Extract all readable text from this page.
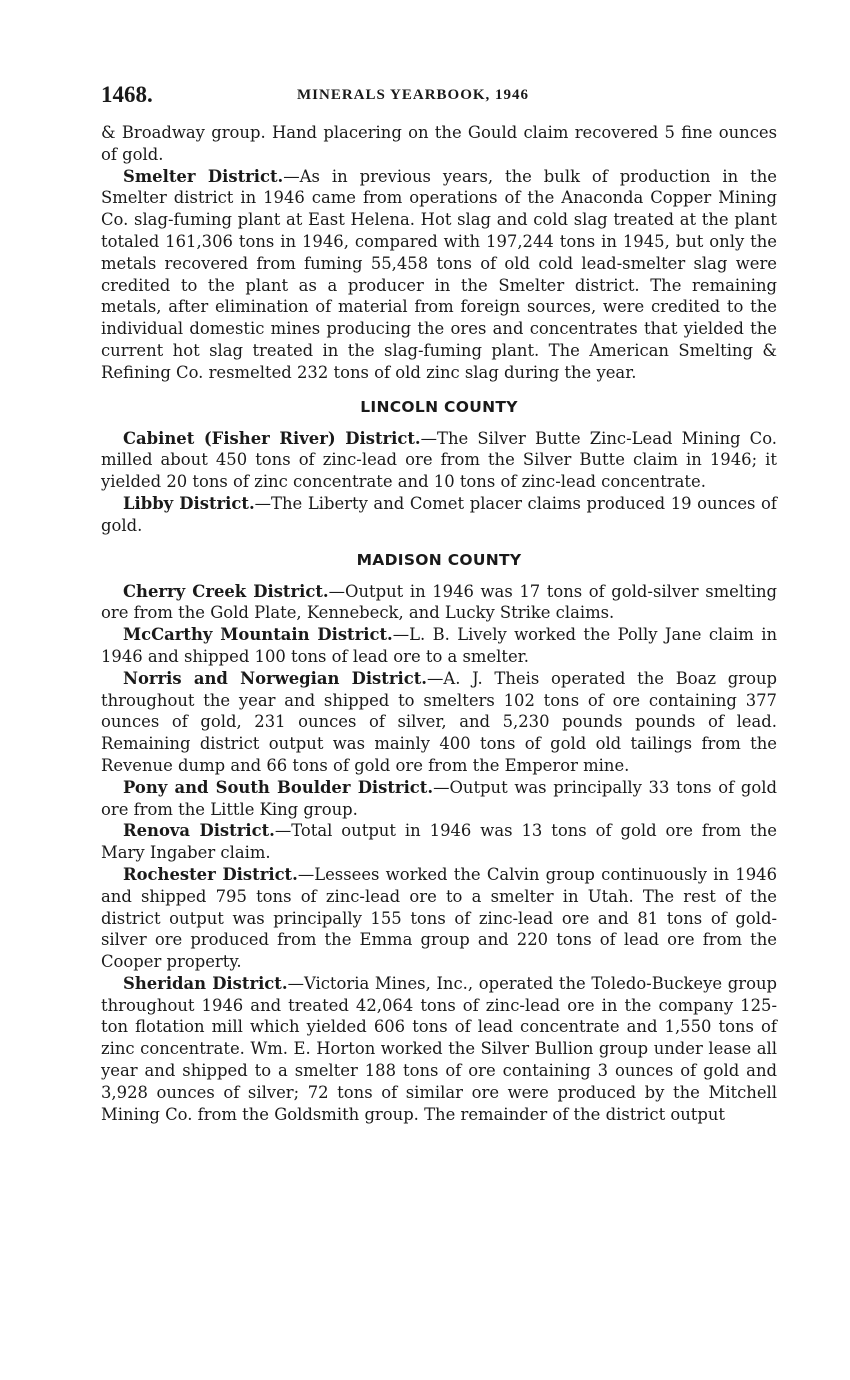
1468.	MINERALS YEARBOOK, 1946

& Broadway group. Hand placering on the Gould claim recovered 5 fine ounces of gold.

Smelter District.—As in previous years, the bulk of production in the Smelter district in 1946 came from operations of the Anaconda Copper Mining Co. slag-fuming plant at East Helena. Hot slag and cold slag treated at the plant totaled 161,306 tons in 1946, compared with 197,244 tons in 1945, but only the metals recovered from fuming 55,458 tons of old cold lead-smelter slag were credited to the plant as a producer in the Smelter district. The remaining metals, after elimination of material from foreign sources, were credited to the individual domestic mines producing the ores and concentrates that yielded the current hot slag treated in the slag-fuming plant. The American Smelting & Refining Co. resmelted 232 tons of old zinc slag during the year.

LINCOLN COUNTY

Cabinet (Fisher River) District.—The Silver Butte Zinc-Lead Mining Co. milled about 450 tons of zinc-lead ore from the Silver Butte claim in 1946; it yielded 20 tons of zinc concentrate and 10 tons of zinc-lead concentrate.

Libby District.—The Liberty and Comet placer claims produced 19 ounces of gold.

MADISON COUNTY

Cherry Creek District.—Output in 1946 was 17 tons of gold-silver smelting ore from the Gold Plate, Kennebeck, and Lucky Strike claims.

McCarthy Mountain District.—L. B. Lively worked the Polly Jane claim in 1946 and shipped 100 tons of lead ore to a smelter.

Norris and Norwegian District.—A. J. Theis operated the Boaz group throughout the year and shipped to smelters 102 tons of ore containing 377 ounces of gold, 231 ounces of silver, and 5,230 pounds pounds of lead. Remaining district output was mainly 400 tons of gold old tailings from the Revenue dump and 66 tons of gold ore from the Emperor mine.

Pony and South Boulder District.—Output was principally 33 tons of gold ore from the Little King group.

Renova District.—Total output in 1946 was 13 tons of gold ore from the Mary Ingaber claim.

Rochester District.—Lessees worked the Calvin group continuously in 1946 and shipped 795 tons of zinc-lead ore to a smelter in Utah. The rest of the district output was principally 155 tons of zinc-lead ore and 81 tons of gold-silver ore produced from the Emma group and 220 tons of lead ore from the Cooper property.

Sheridan District.—Victoria Mines, Inc., operated the Toledo-Buckeye group throughout 1946 and treated 42,064 tons of zinc-lead ore in the company 125-ton flotation mill which yielded 606 tons of lead concentrate and 1,550 tons of zinc concentrate. Wm. E. Horton worked the Silver Bullion group under lease all year and shipped to a smelter 188 tons of ore containing 3 ounces of gold and 3,928 ounces of silver; 72 tons of similar ore were produced by the Mitchell Mining Co. from the Goldsmith group. The remainder of the district output
